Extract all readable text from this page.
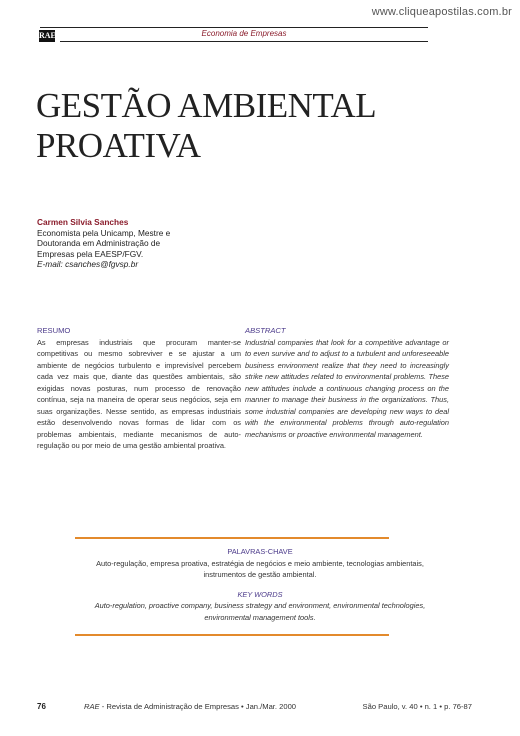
www.cliqueapostilas.com.br
RAE	Economia de Empresas
GESTÃO AMBIENTAL
PROATIVA
Carmen Silvia Sanches
Economista pela Unicamp, Mestre e
Doutoranda em Administração de
Empresas pela EAESP/FGV.
E-mail: csanches@fgvsp.br
RESUMO
As empresas industriais que procuram manter-se competitivas ou mesmo sobreviver e se ajustar a um ambiente de negócios turbulento e imprevisível percebem cada vez mais que, diante das questões ambientais, são exigidas novas posturas, num processo de renovação contínua, seja na maneira de operar seus negócios, seja em suas organizações. Nesse sentido, as empresas industriais estão desenvolvendo novas formas de lidar com os problemas ambientais, mediante mecanismos de auto-regulação ou por meio de uma gestão ambiental proativa.
ABSTRACT
Industrial companies that look for a competitive advantage or to even survive and to adjust to a turbulent and unforeseeable business environment realize that they need to increasingly strike new attitudes related to environmental problems. These new attitudes include a continuous changing process on the manner to manage their business in the organizations. Thus, some industrial companies are developing new ways to deal with the environmental problems through auto-regulation mechanisms or proactive environmental management.
PALAVRAS-CHAVE
Auto-regulação, empresa proativa, estratégia de negócios e meio ambiente, tecnologias ambientais,
instrumentos de gestão ambiental.
KEY WORDS
Auto-regulation, proactive company, business strategy and environment, environmental technologies,
environmental management tools.
76	RAE - Revista de Administração de Empresas • Jan./Mar. 2000	São Paulo, v. 40 • n. 1 • p. 76-87
